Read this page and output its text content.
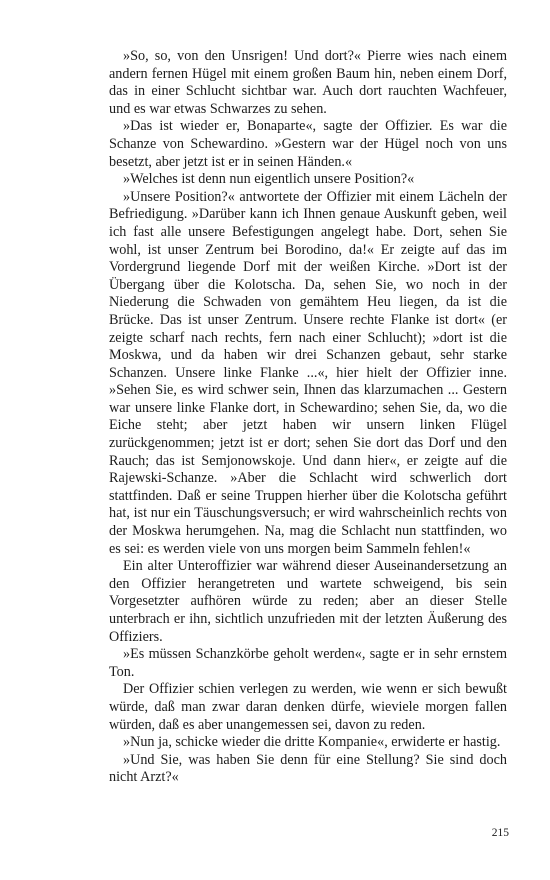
»So, so, von den Unsrigen! Und dort?« Pierre wies nach einem andern fernen Hügel mit einem großen Baum hin, neben einem Dorf, das in einer Schlucht sichtbar war. Auch dort rauchten Wachfeuer, und es war etwas Schwarzes zu sehen.

»Das ist wieder er, Bonaparte«, sagte der Offizier. Es war die Schanze von Schewardino. »Gestern war der Hügel noch von uns besetzt, aber jetzt ist er in seinen Händen.«

»Welches ist denn nun eigentlich unsere Position?«

»Unsere Position?« antwortete der Offizier mit einem Lächeln der Befriedigung. »Darüber kann ich Ihnen genaue Auskunft geben, weil ich fast alle unsere Befestigungen angelegt habe. Dort, sehen Sie wohl, ist unser Zentrum bei Borodino, da!« Er zeigte auf das im Vordergrund liegende Dorf mit der weißen Kirche. »Dort ist der Übergang über die Kolotscha. Da, sehen Sie, wo noch in der Niederung die Schwaden von gemähtem Heu liegen, da ist die Brücke. Das ist unser Zentrum. Unsere rechte Flanke ist dort« (er zeigte scharf nach rechts, fern nach einer Schlucht); »dort ist die Moskwa, und da haben wir drei Schanzen gebaut, sehr starke Schanzen. Unsere linke Flanke ...«, hier hielt der Offizier inne. »Sehen Sie, es wird schwer sein, Ihnen das klarzumachen ... Gestern war unsere linke Flanke dort, in Schewardino; sehen Sie, da, wo die Eiche steht; aber jetzt haben wir unsern linken Flügel zurückgenommen; jetzt ist er dort; sehen Sie dort das Dorf und den Rauch; das ist Semjonowskoje. Und dann hier«, er zeigte auf die Rajewski-Schanze. »Aber die Schlacht wird schwerlich dort stattfinden. Daß er seine Truppen hierher über die Kolotscha geführt hat, ist nur ein Täuschungsversuch; er wird wahrscheinlich rechts von der Moskwa herumgehen. Na, mag die Schlacht nun stattfinden, wo es sei: es werden viele von uns morgen beim Sammeln fehlen!«

Ein alter Unteroffizier war während dieser Auseinandersetzung an den Offizier herangetreten und wartete schweigend, bis sein Vorgesetzter aufhören würde zu reden; aber an dieser Stelle unterbrach er ihn, sichtlich unzufrieden mit der letzten Äußerung des Offiziers.

»Es müssen Schanzkörbe geholt werden«, sagte er in sehr ernstem Ton.

Der Offizier schien verlegen zu werden, wie wenn er sich bewußt würde, daß man zwar daran denken dürfe, wieviele morgen fallen würden, daß es aber unangemessen sei, davon zu reden.

»Nun ja, schicke wieder die dritte Kompanie«, erwiderte er hastig.

»Und Sie, was haben Sie denn für eine Stellung? Sie sind doch nicht Arzt?«

215
